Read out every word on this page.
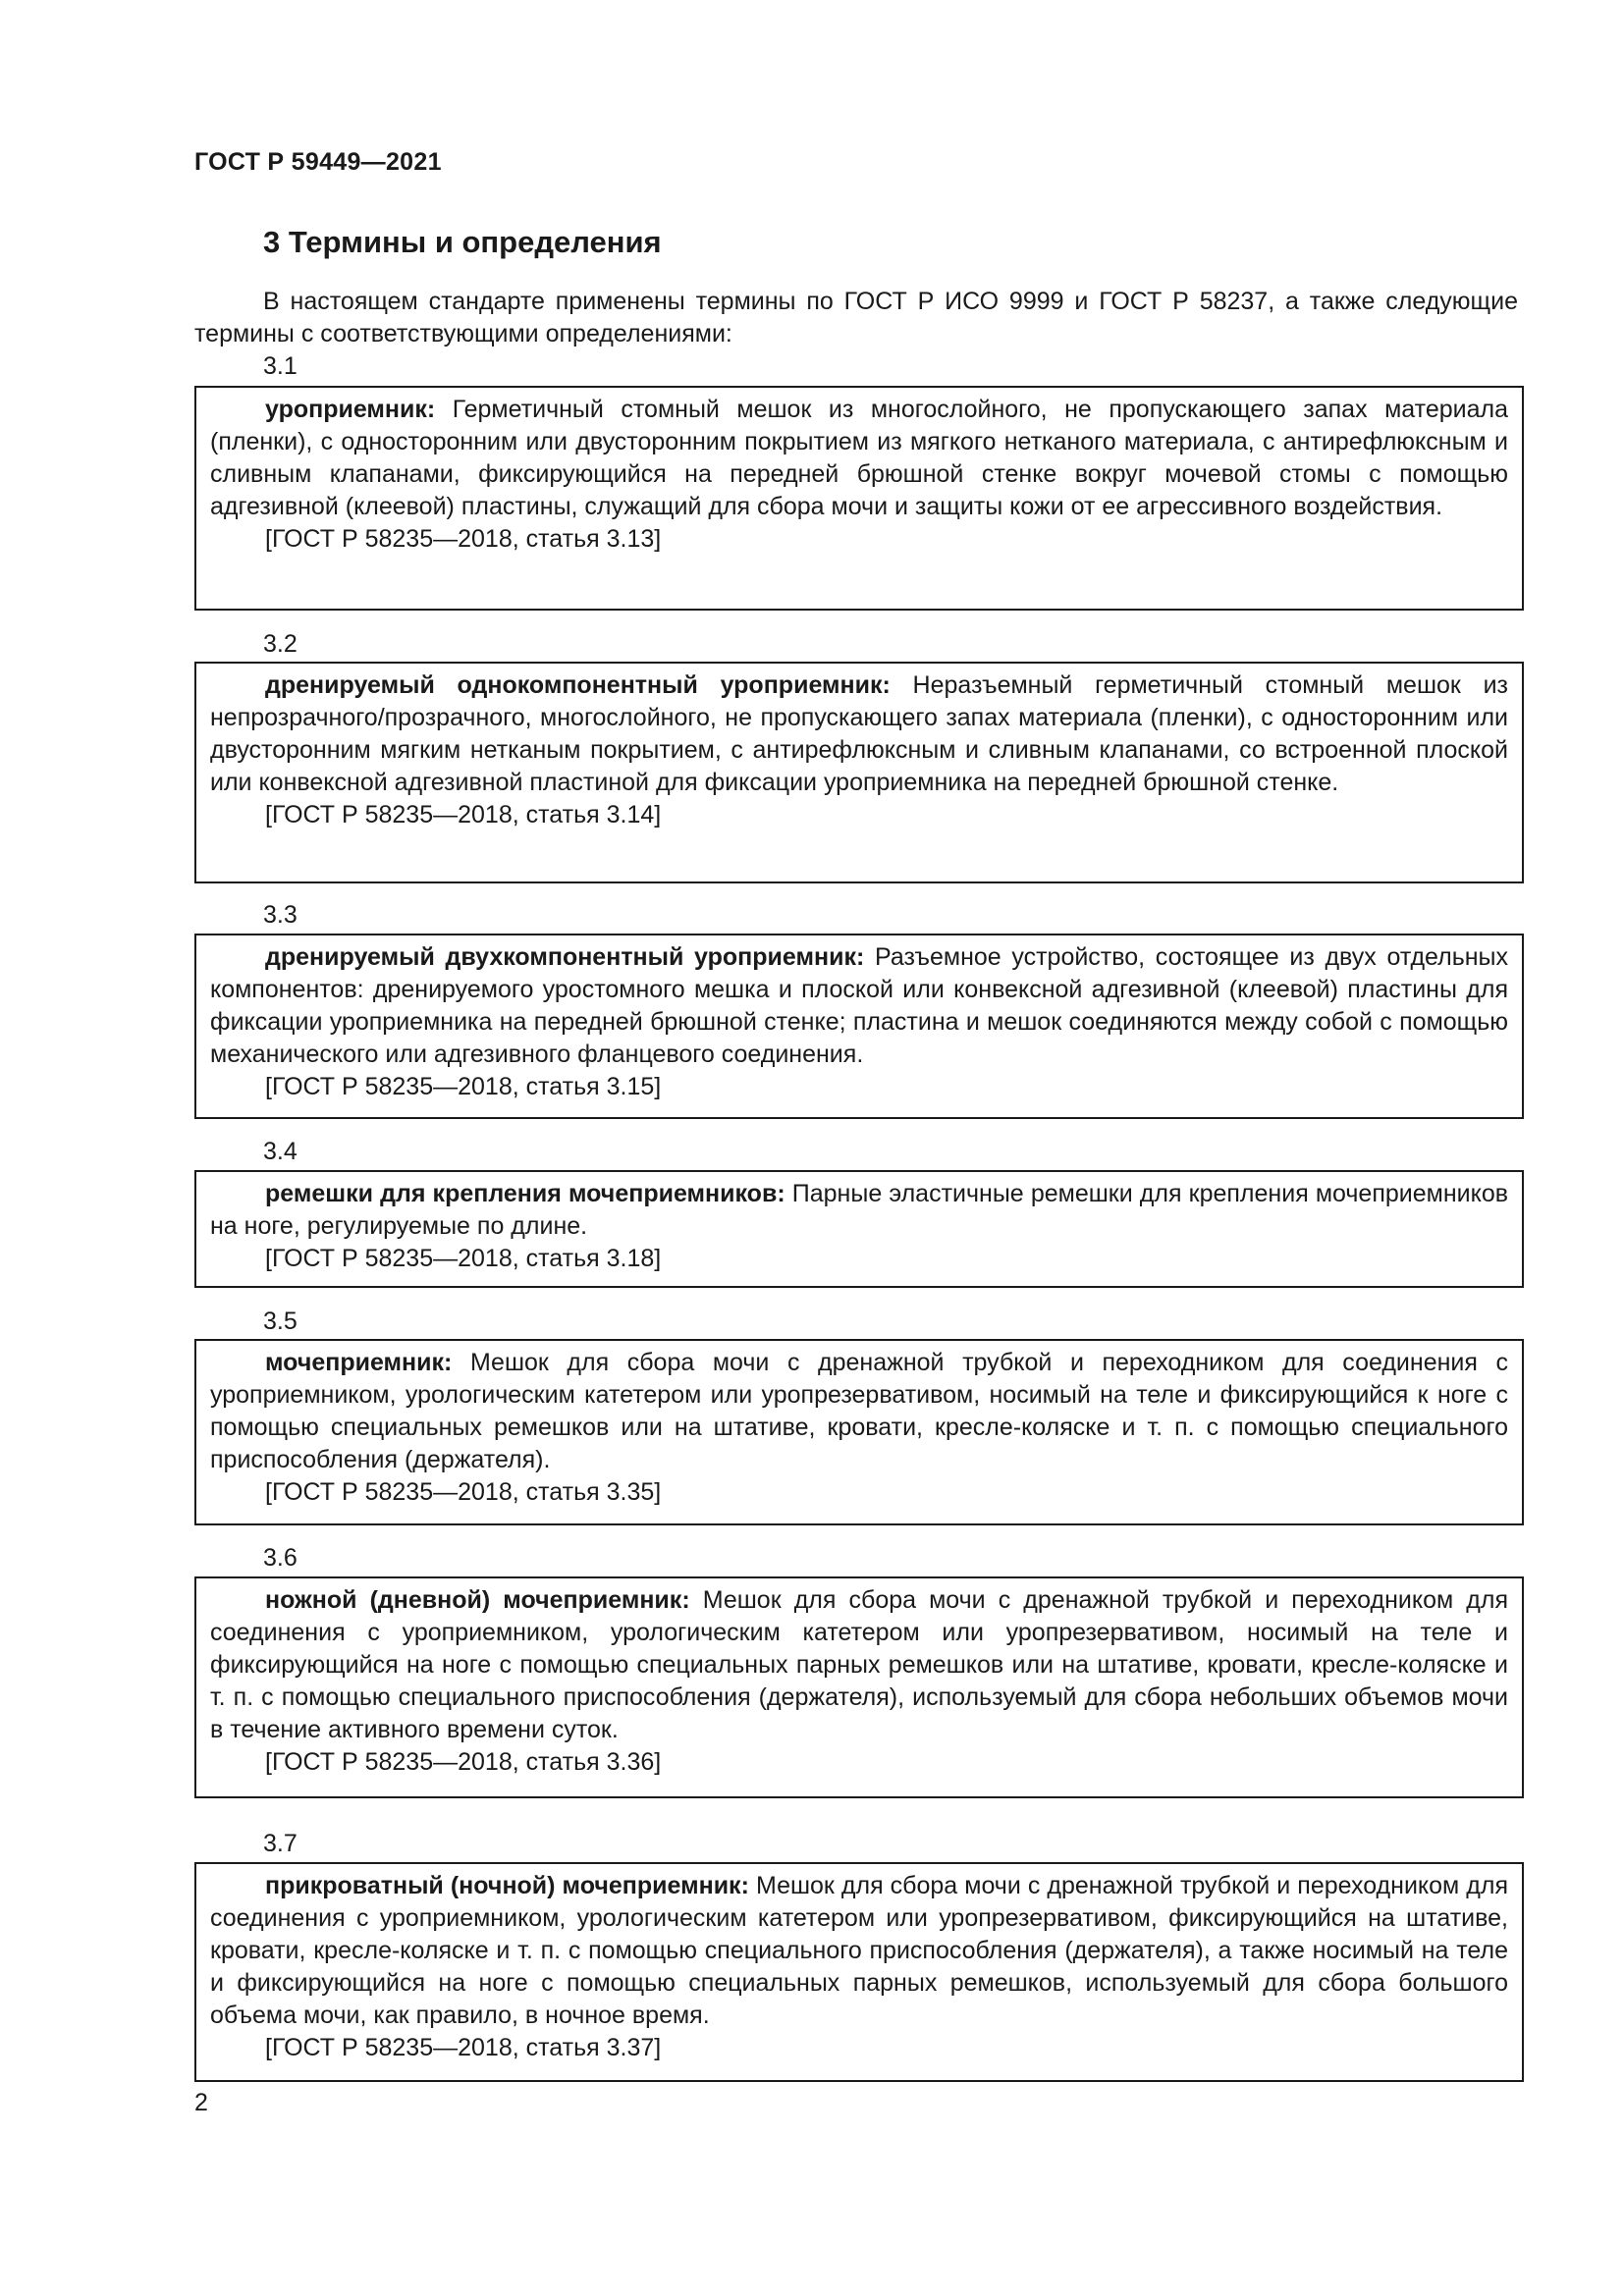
ГОСТ Р 59449—2021
3 Термины и определения

В настоящем стандарте применены термины по ГОСТ Р ИСО 9999 и ГОСТ Р 58237, а также следующие термины с соответствующими определениями:

3.1

уроприемник: Герметичный стомный мешок из многослойного, не пропускающего запах материала (пленки), с односторонним или двусторонним покрытием из мягкого нетканого материала, с антирефлюксным и сливным клапанами, фиксирующийся на передней брюшной стенке вокруг мочевой стомы с помощью адгезивной (клеевой) пластины, служащий для сбора мочи и защиты кожи от ее агрессивного воздействия.

[ГОСТ Р 58235—2018, статья 3.13]
3.2

дренируемый однокомпонентный уроприемник: Неразъемный герметичный стомный мешок из непрозрачного/прозрачного, многослойного, не пропускающего запах материала (пленки), с односторонним или двусторонним мягким нетканым покрытием, с антирефлюксным и сливным клапанами, со встроенной плоской или конвексной адгезивной пластиной для фиксации уроприемника на передней брюшной стенке.

[ГОСТ Р 58235—2018, статья 3.14]
3.3

дренируемый двухкомпонентный уроприемник: Разъемное устройство, состоящее из двух отдельных компонентов: дренируемого уростомного мешка и плоской или конвексной адгезивной (клеевой) пластины для фиксации уроприемника на передней брюшной стенке; пластина и мешок соединяются между собой с помощью механического или адгезивного фланцевого соединения.

[ГОСТ Р 58235—2018, статья 3.15]
3.4

ремешки для крепления мочеприемников: Парные эластичные ремешки для крепления мочеприемников на ноге, регулируемые по длине.

[ГОСТ Р 58235—2018, статья 3.18]
3.5

мочеприемник: Мешок для сбора мочи с дренажной трубкой и переходником для соединения с уроприемником, урологическим катетером или уропрезервативом, носимый на теле и фиксирующийся к ноге с помощью специальных ремешков или на штативе, кровати, кресле-коляске и т. п. с помощью специального приспособления (держателя).

[ГОСТ Р 58235—2018, статья 3.35]
3.6

ножной (дневной) мочеприемник: Мешок для сбора мочи с дренажной трубкой и переходником для соединения с уроприемником, урологическим катетером или уропрезервативом, носимый на теле и фиксирующийся на ноге с помощью специальных парных ремешков или на штативе, кровати, кресле-коляске и т. п. с помощью специального приспособления (держателя), используемый для сбора небольших объемов мочи в течение активного времени суток.

[ГОСТ Р 58235—2018, статья 3.36]
3.7

прикроватный (ночной) мочеприемник: Мешок для сбора мочи с дренажной трубкой и переходником для соединения с уроприемником, урологическим катетером или уропрезервативом, фиксирующийся на штативе, кровати, кресле-коляске и т. п. с помощью специального приспособления (держателя), а также носимый на теле и фиксирующийся на ноге с помощью специальных парных ремешков, используемый для сбора большого объема мочи, как правило, в ночное время.

[ГОСТ Р 58235—2018, статья 3.37]
2
